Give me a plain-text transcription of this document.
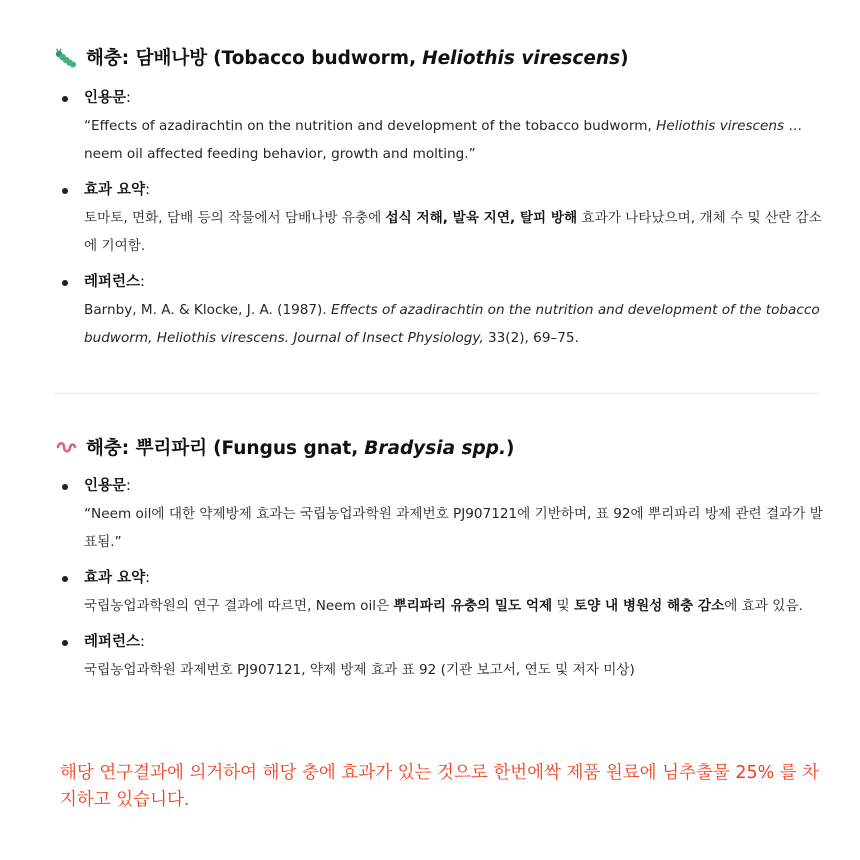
해충: 담배나방 (Tobacco budworm, Heliothis virescens )
인용문:
“Effects of azadirachtin on the nutrition and development of the tobacco budworm, Heliothis virescens … neem oil affected feeding behavior, growth and molting.”
효과 요약:
토마토, 면화, 담배 등의 작물에서 담배나방 유충에 섭식 저해, 발육 지연, 탈피 방해 효과가 나타났으며, 개체 수 및 산란 감소에 기여함.
레퍼런스:
Barnby, M. A. & Klocke, J. A. (1987). Effects of azadirachtin on the nutrition and development of the tobacco budworm, Heliothis virescens. Journal of Insect Physiology, 33(2), 69–75.
해충: 뿌리파리 (Fungus gnat, Bradysia spp. )
인용문:
“Neem oil에 대한 약제방제 효과는 국립농업과학원 과제번호 PJ907121에 기반하며, 표 92에 뿌리파리 방제 관련 결과가 발표됨.”
효과 요약:
국립농업과학원의 연구 결과에 따르면, Neem oil은 뿌리파리 유충의 밀도 억제 및 토양 내 병원성 해충 감소에 효과 있음.
레퍼런스:
국립농업과학원 과제번호 PJ907121, 약제 방제 효과 표 92 (기관 보고서, 연도 및 저자 미상)
해당 연구결과에 의거하여 해당 충에 효과가 있는 것으로 한번에싹 제품 원료에 님추출물 25% 를 차지하고 있습니다.
